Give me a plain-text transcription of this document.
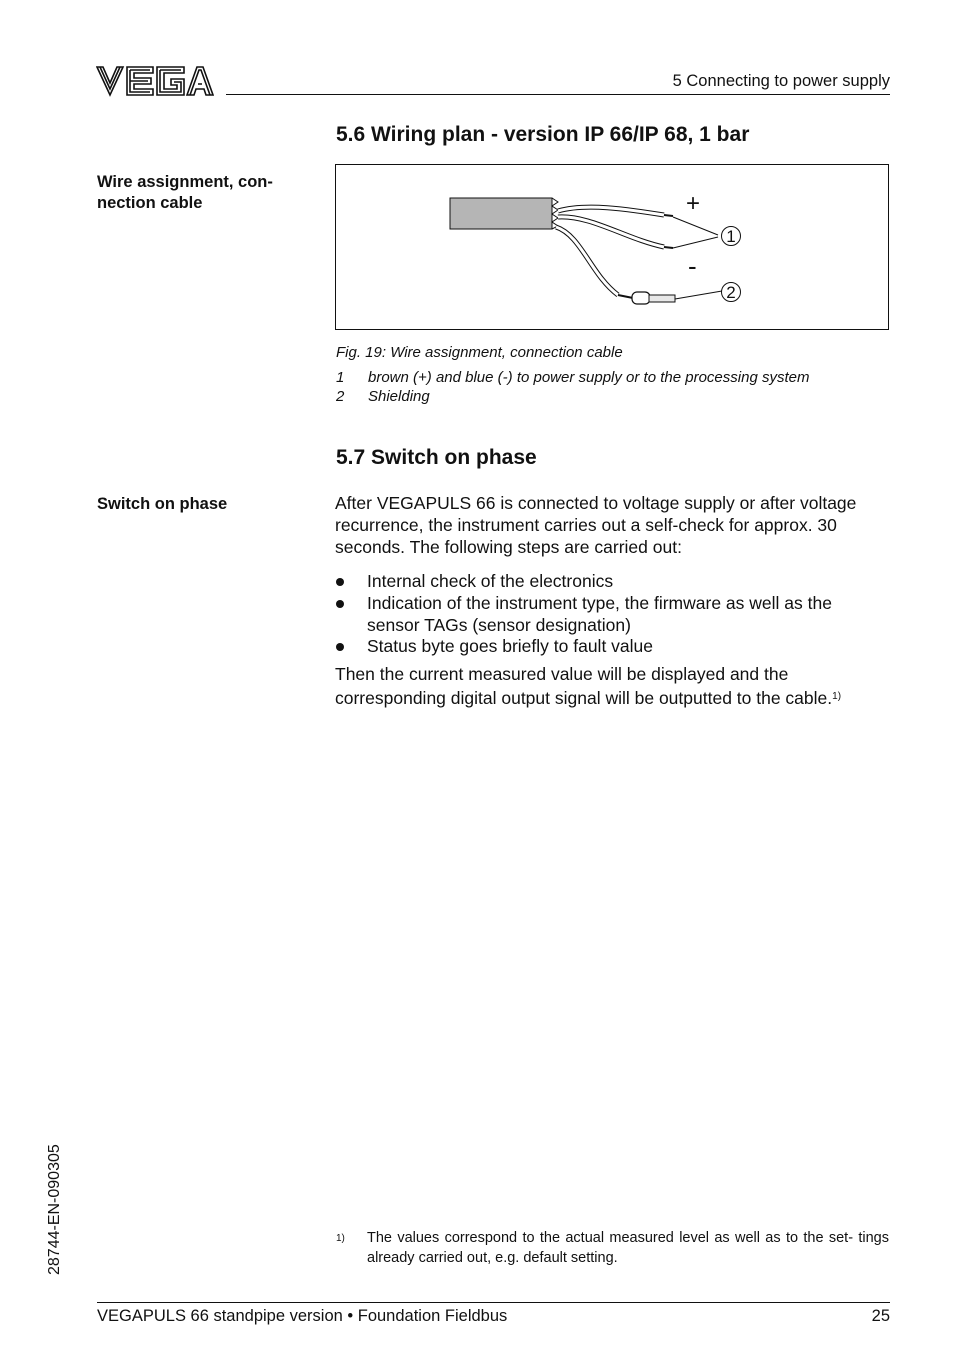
VEGA
5 Connecting to power supply
5.6 Wiring plan - version IP 66/IP 68, 1 bar
Wire assignment, con-
nection cable	+
-
1
2
Fig. 19: Wire assignment, connection cable
1 brown (+) and blue (-) to power supply or to the processing system
2 Shielding
5.7 Switch on phase
Switch on phase	After VEGAPULS 66 is connected to voltage supply or after voltage
recurrence, the instrument carries out a self-check for approx. 30
seconds. The following steps are carried out:
Internal check of the electronics
Indication of the instrument type, the firmware as well as the
sensor TAGs (sensor designation)
Status byte goes briefly to fault value
Then the current measured value will be displayed and the
corresponding digital output signal will be outputted to the cable.$^{1)}$
1) The values correspond to the actual measured level as well as to the set- tings already carried out, e.g. default setting.
28744-EN-090305
VEGAPULS 66 standpipe version • Foundation Fieldbus	25
